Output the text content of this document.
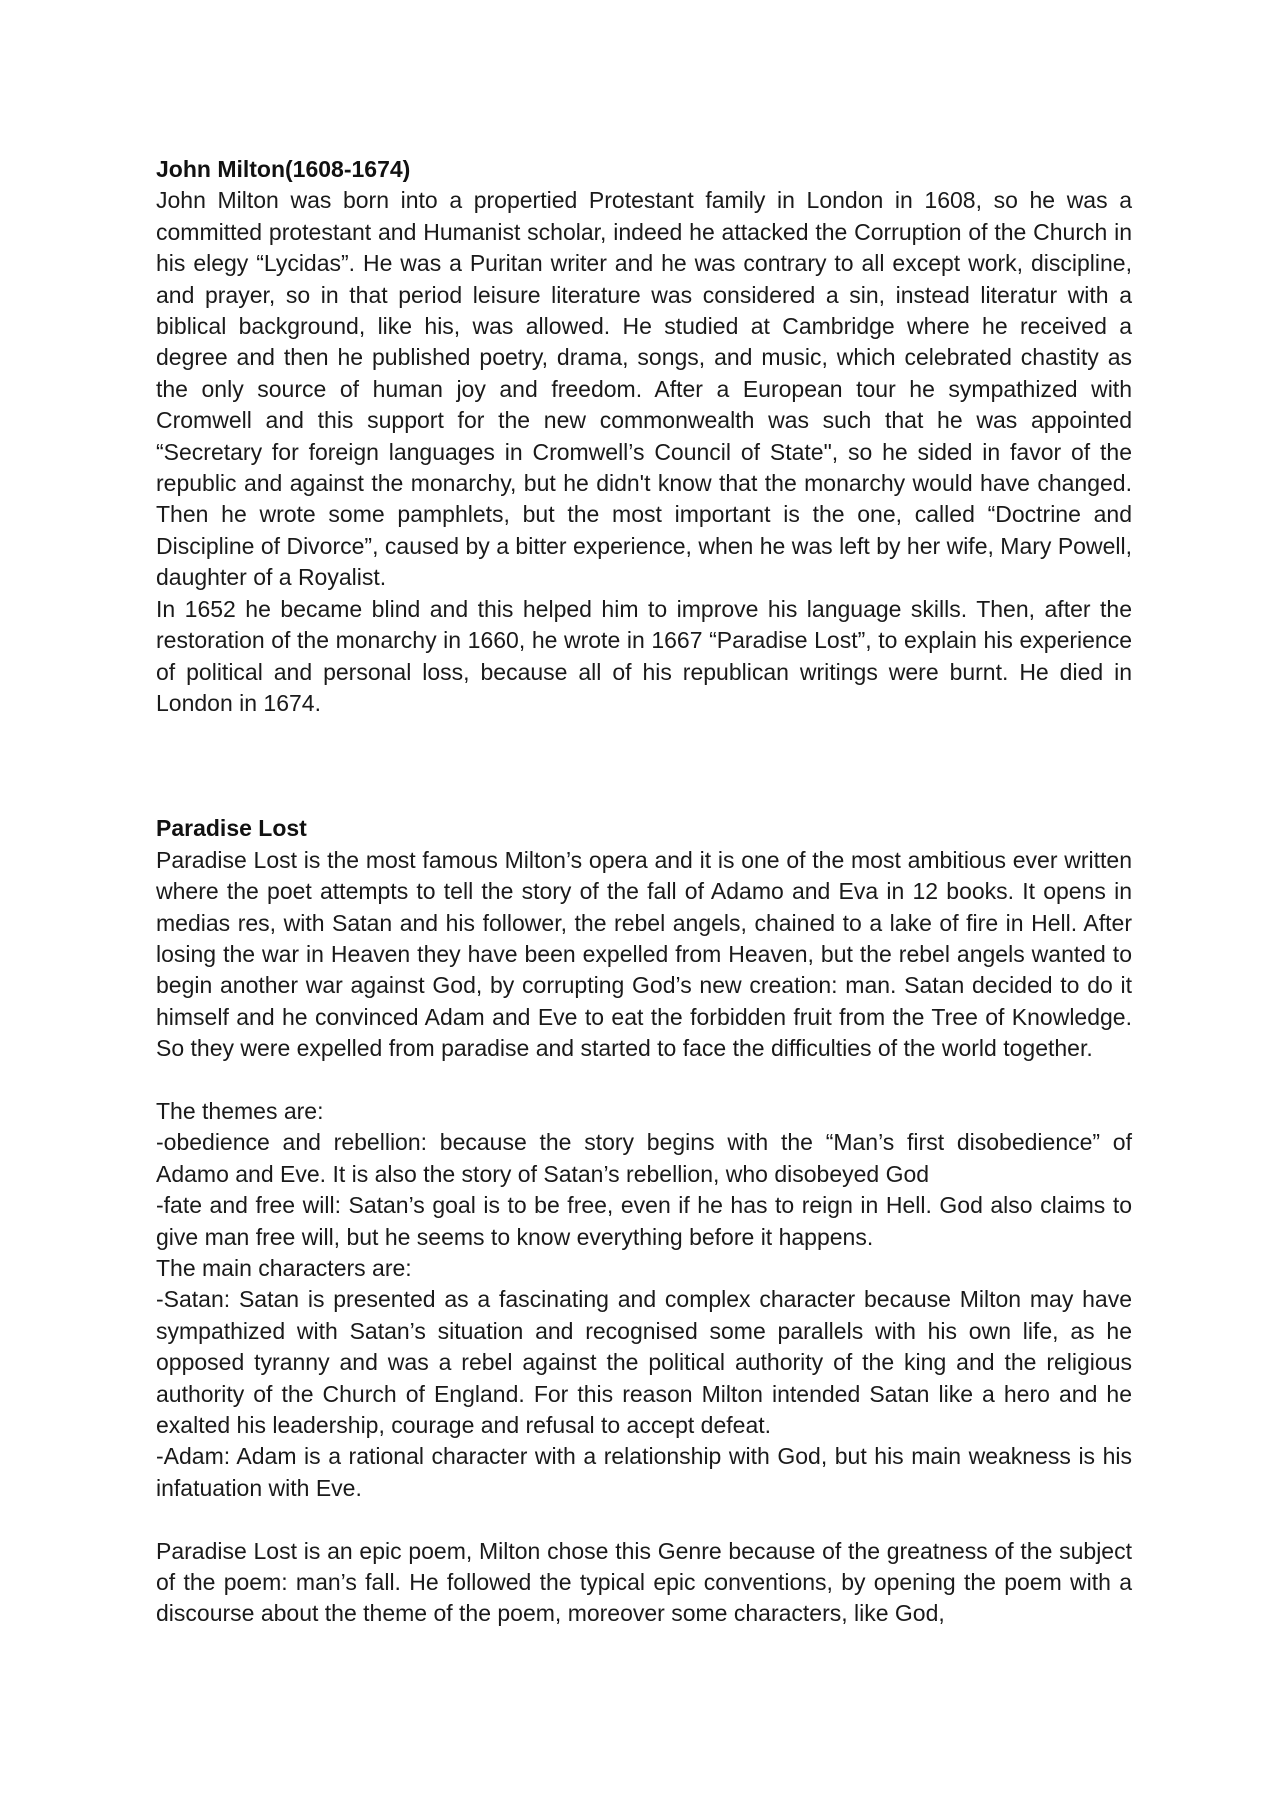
John Milton(1608-1674)

John Milton was born into a propertied Protestant family in London in 1608, so he was a committed protestant and Humanist scholar, indeed he attacked the Corruption of the Church in his elegy “Lycidas”. He was a Puritan writer and he was contrary to all except work, discipline, and prayer, so in that period leisure literature was considered a sin, instead literatur with a biblical background, like his, was allowed. He studied at Cambridge where he received a degree and then he published poetry, drama, songs, and music, which celebrated chastity as the only source of human joy and freedom. After a European tour he sympathized with Cromwell and this support for the new commonwealth was such that he was appointed “Secretary for foreign languages in Cromwell’s Council of State", so he sided in favor of the republic and against the monarchy, but he didn't know that the monarchy would have changed. Then he wrote some pamphlets, but the most important is the one, called “Doctrine and Discipline of Divorce”, caused by a bitter experience, when he was left by her wife, Mary Powell, daughter of a Royalist.

In 1652 he became blind and this helped him to improve his language skills. Then, after the restoration of the monarchy in 1660, he wrote in 1667 “Paradise Lost”, to explain his experience of political and personal loss, because all of his republican writings were burnt. He died in London in 1674.

Paradise Lost

Paradise Lost is the most famous Milton’s opera and it is one of the most ambitious ever written where the poet attempts to tell the story of the fall of Adamo and Eva in 12 books. It opens in medias res, with Satan and his follower, the rebel angels, chained to a lake of fire in Hell. After losing the war in Heaven they have been expelled from Heaven, but the rebel angels wanted to begin another war against God, by corrupting God’s new creation: man. Satan decided to do it himself and he convinced Adam and Eve to eat the forbidden fruit from the Tree of Knowledge. So they were expelled from paradise and started to face the difficulties of the world together.

The themes are:

-obedience and rebellion: because the story begins with the “Man’s first disobedience” of Adamo and Eve. It is also the story of Satan’s rebellion, who disobeyed God

-fate and free will: Satan’s goal is to be free, even if he has to reign in Hell. God also claims to give man free will, but he seems to know everything before it happens.

The main characters are:

-Satan: Satan is presented as a fascinating and complex character because Milton may have sympathized with Satan’s situation and recognised some parallels with his own life, as he opposed tyranny and was a rebel against the political authority of the king and the religious authority of the Church of England. For this reason Milton intended Satan like a hero and he exalted his leadership, courage and refusal to accept defeat.

-Adam: Adam is a rational character with a relationship with God, but his main weakness is his infatuation with Eve.

Paradise Lost is an epic poem, Milton chose this Genre because of the greatness of the subject of the poem: man’s fall. He followed the typical epic conventions, by opening the poem with a discourse about the theme of the poem, moreover some characters, like God,
